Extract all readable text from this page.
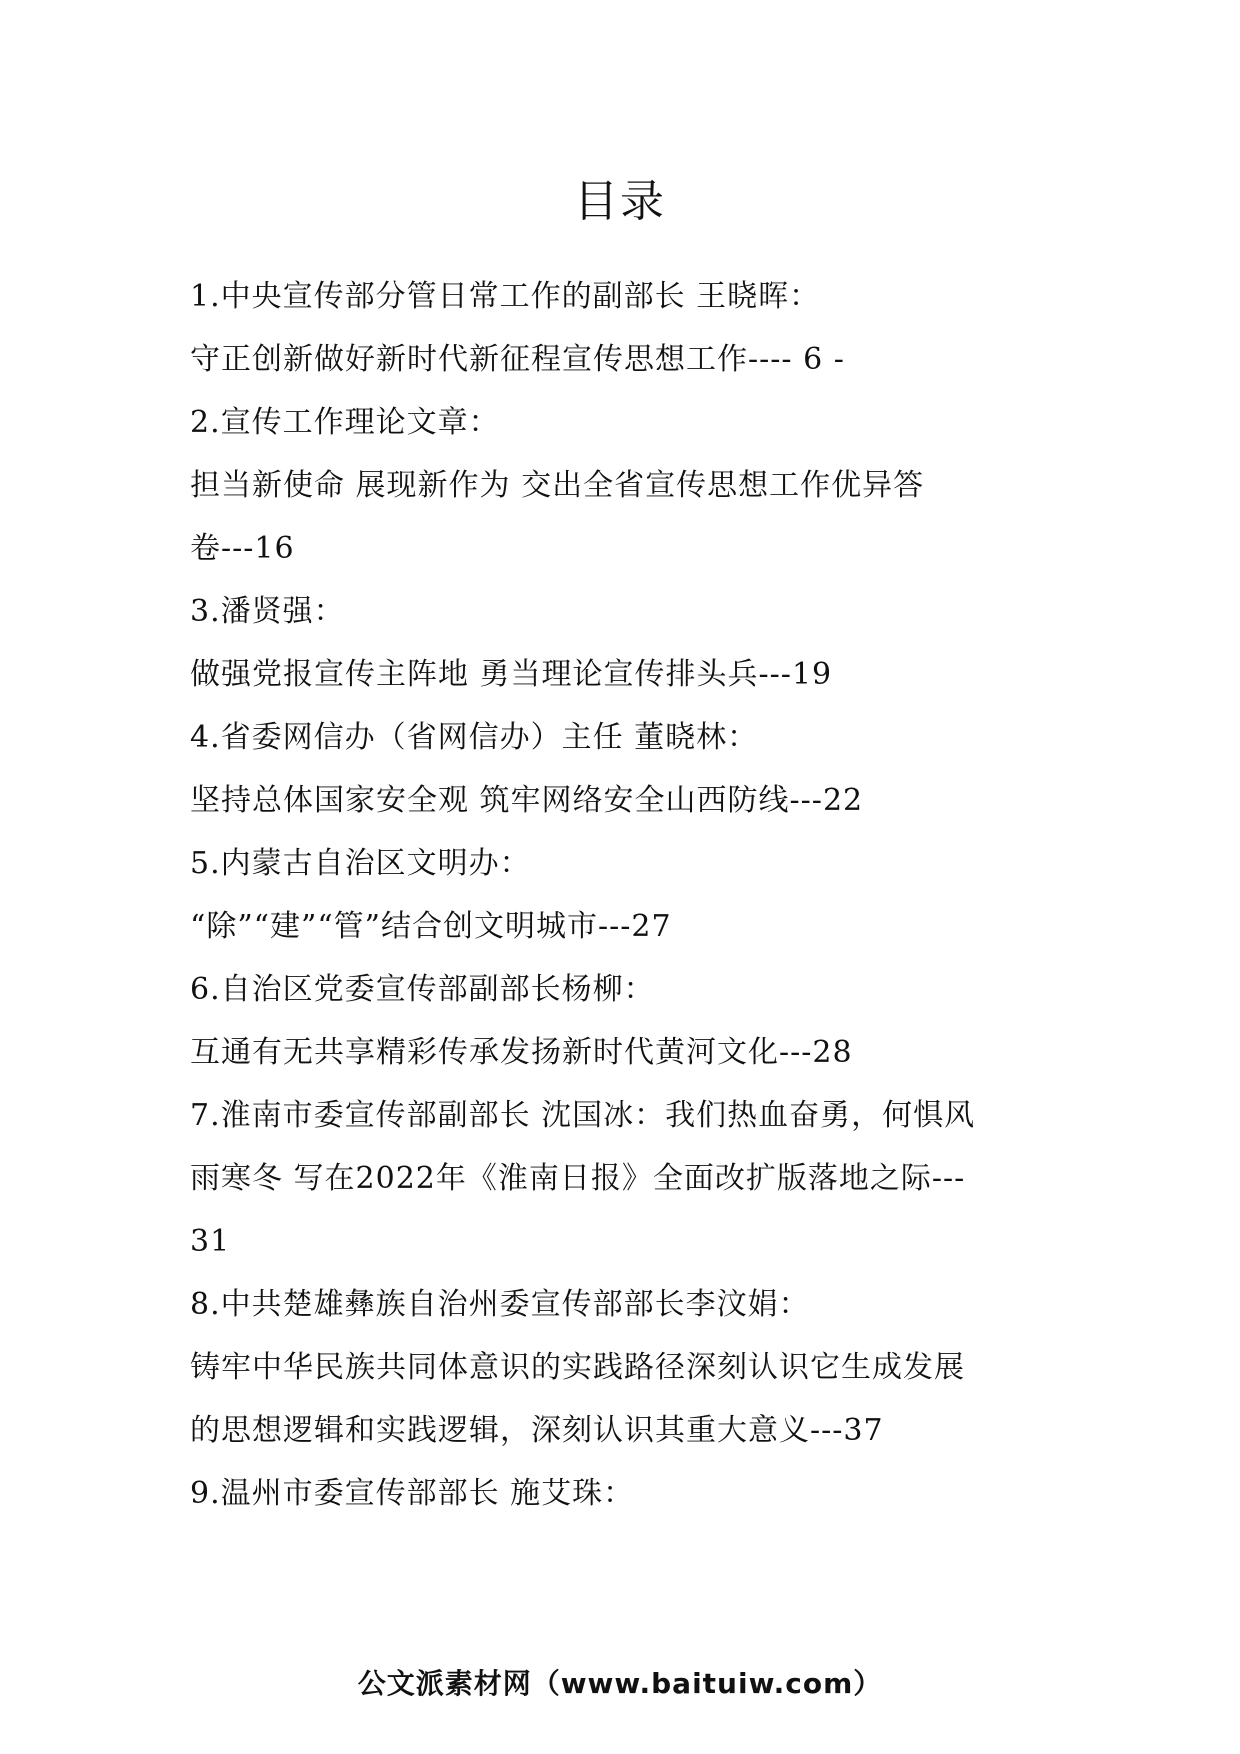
目录
1.中央宣传部分管日常工作的副部长 王晓晖：
守正创新做好新时代新征程宣传思想工作---- 6 -
2.宣传工作理论文章：
担当新使命 展现新作为 交出全省宣传思想工作优异答
卷---16
3.潘贤强：
做强党报宣传主阵地 勇当理论宣传排头兵---19
4.省委网信办（省网信办）主任 董晓林：
坚持总体国家安全观 筑牢网络安全山西防线---22
5.内蒙古自治区文明办：
“除”“建”“管”结合创文明城市---27
6.自治区党委宣传部副部长杨柳：
互通有无共享精彩传承发扬新时代黄河文化---28
7.淮南市委宣传部副部长 沈国冰：我们热血奋勇，何惧风
雨寒冬 写在2022年《淮南日报》全面改扩版落地之际---
31
8.中共楚雄彝族自治州委宣传部部长李汶娟：
铸牢中华民族共同体意识的实践路径深刻认识它生成发展
的思想逻辑和实践逻辑，深刻认识其重大意义---37
9.温州市委宣传部部长 施艾珠：
公文派素材网（www.baituiw.com）
